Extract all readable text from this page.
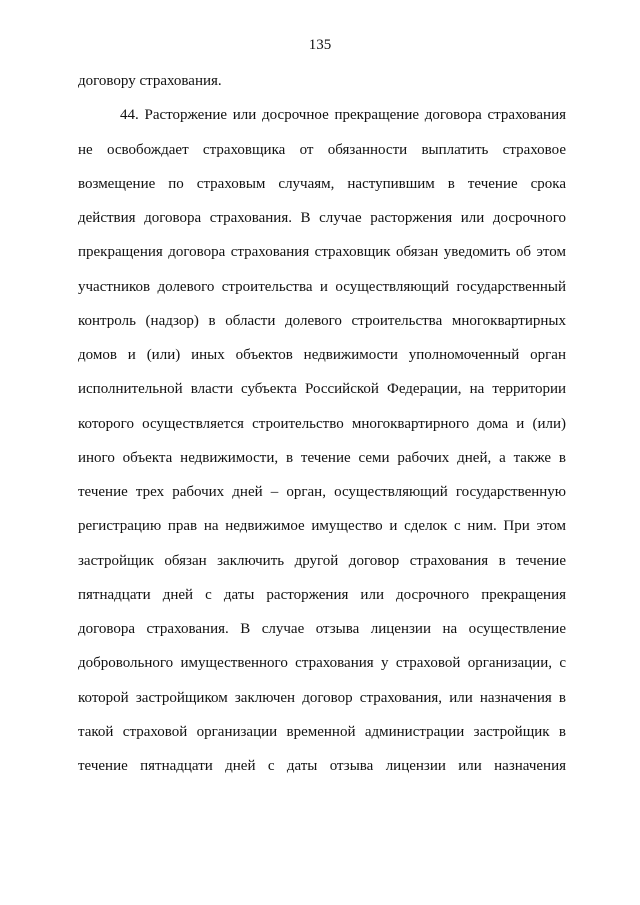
135
договору страхования.
44. Расторжение или досрочное прекращение договора страхования
не освобождает страховщика от обязанности выплатить страховое
возмещение по страховым случаям, наступившим в течение срока
действия договора страхования. В случае расторжения или досрочного
прекращения договора страхования страховщик обязан уведомить об этом
участников долевого строительства и осуществляющий государственный
контроль (надзор) в области долевого строительства многоквартирных
домов и (или) иных объектов недвижимости уполномоченный орган
исполнительной власти субъекта Российской Федерации, на территории
которого осуществляется строительство многоквартирного дома и (или)
иного объекта недвижимости, в течение семи рабочих дней, а также в
течение трех рабочих дней – орган, осуществляющий государственную
регистрацию прав на недвижимое имущество и сделок с ним. При этом
застройщик обязан заключить другой договор страхования в течение
пятнадцати дней с даты расторжения или досрочного прекращения
договора страхования. В случае отзыва лицензии на осуществление
добровольного имущественного страхования у страховой организации, с
которой застройщиком заключен договор страхования, или назначения в
такой страховой организации временной администрации застройщик в
течение пятнадцати дней с даты отзыва лицензии или назначения
